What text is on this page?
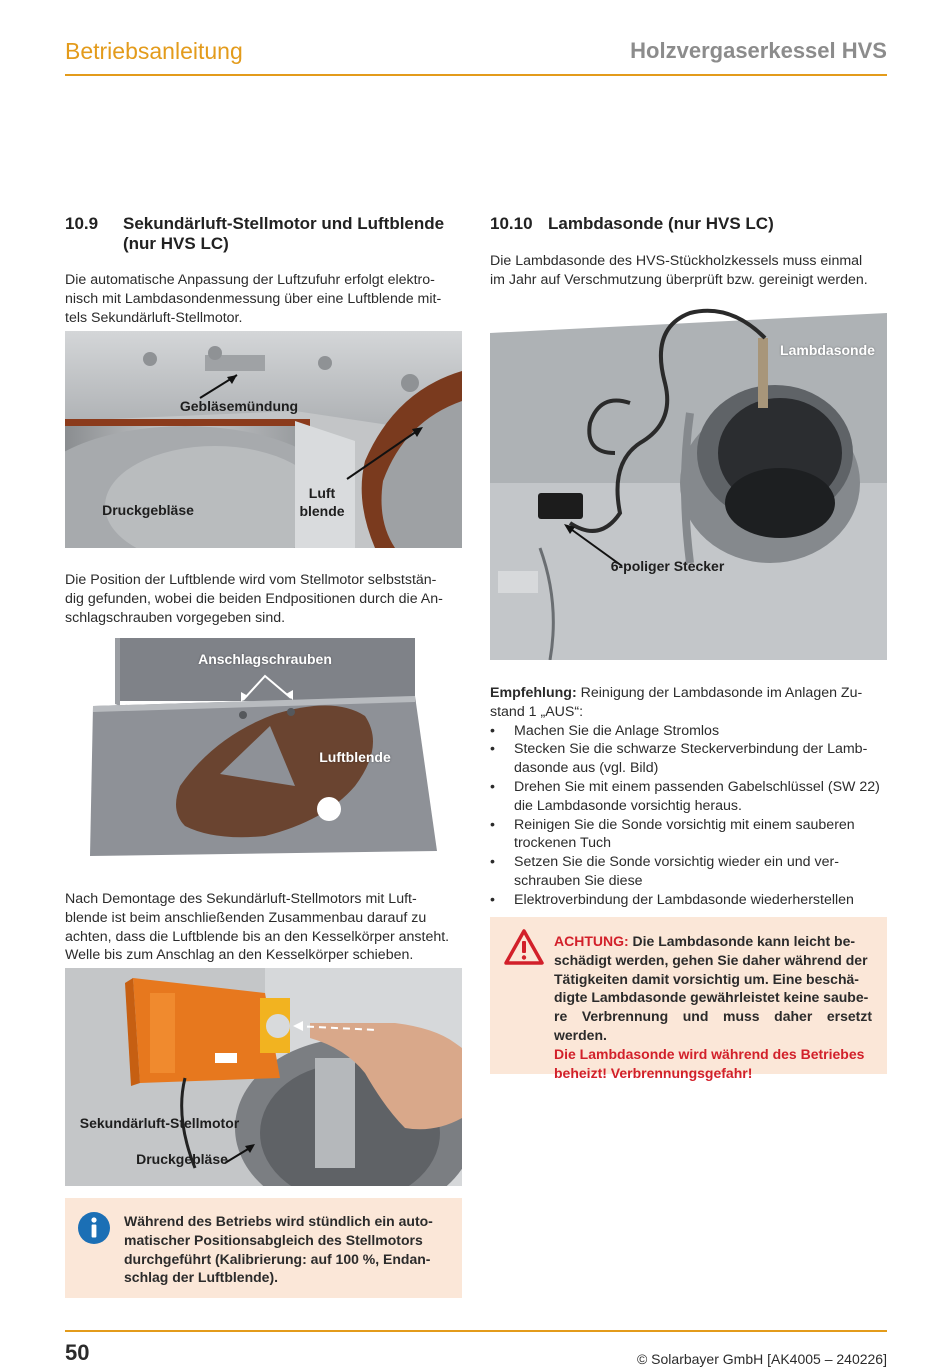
Betriebsanleitung	Holzvergaserkessel HVS
10.9 Sekundärluft-Stellmotor und Luftblende
(nur HVS LC)
10.10 Lambdasonde (nur HVS LC)
Die automatische Anpassung der Luftzufuhr erfolgt elektro-
nisch mit Lambdasondenmessung über eine Luftblende mit-
tels Sekundärluft-Stellmotor.
Gebläsemündung
Druckgebläse
Luft
blende
Die Position der Luftblende wird vom Stellmotor selbststän-
dig gefunden, wobei die beiden Endpositionen durch die An-
schlagschrauben vorgegeben sind.
Anschlagschrauben
Luftblende
Nach Demontage des Sekundärluft-Stellmotors mit Luft-
blende ist beim anschließenden Zusammenbau darauf zu
achten, dass die Luftblende bis an den Kesselkörper ansteht.
Welle bis zum Anschlag an den Kesselkörper schieben.
Sekundärluft-Stellmotor
Druckgebläse
Während des Betriebs wird stündlich ein auto-
matischer Positionsabgleich des Stellmotors
durchgeführt (Kalibrierung: auf 100 %, Endan-
schlag der Luftblende).
Die Lambdasonde des HVS-Stückholzkessels muss einmal
im Jahr auf Verschmutzung überprüft bzw. gereinigt werden.
Lambdasonde
6-poliger Stecker

Empfehlung: Reinigung der Lambdasonde im Anlagen Zu-
stand 1 „AUS“:

• Machen Sie die Anlage Stromlos
• Stecken Sie die schwarze Steckerverbindung der Lamb-
dasonde aus (vgl. Bild)
• Drehen Sie mit einem passenden Gabelschlüssel (SW 22)
die Lambdasonde vorsichtig heraus.
• Reinigen Sie die Sonde vorsichtig mit einem sauberen
trockenen Tuch
• Setzen Sie die Sonde vorsichtig wieder ein und ver-
schrauben Sie diese
• Elektroverbindung der Lambdasonde wiederherstellen
ACHTUNG: Die Lambdasonde kann leicht be-
schädigt werden, gehen Sie daher während der
Tätigkeiten damit vorsichtig um. Eine beschä-
digte Lambdasonde gewährleistet keine saube-
re Verbrennung und muss daher ersetzt werden.
Die Lambdasonde wird während des Betriebes
beheizt! Verbrennungsgefahr!
50	© Solarbayer GmbH [AK4005 – 240226]
